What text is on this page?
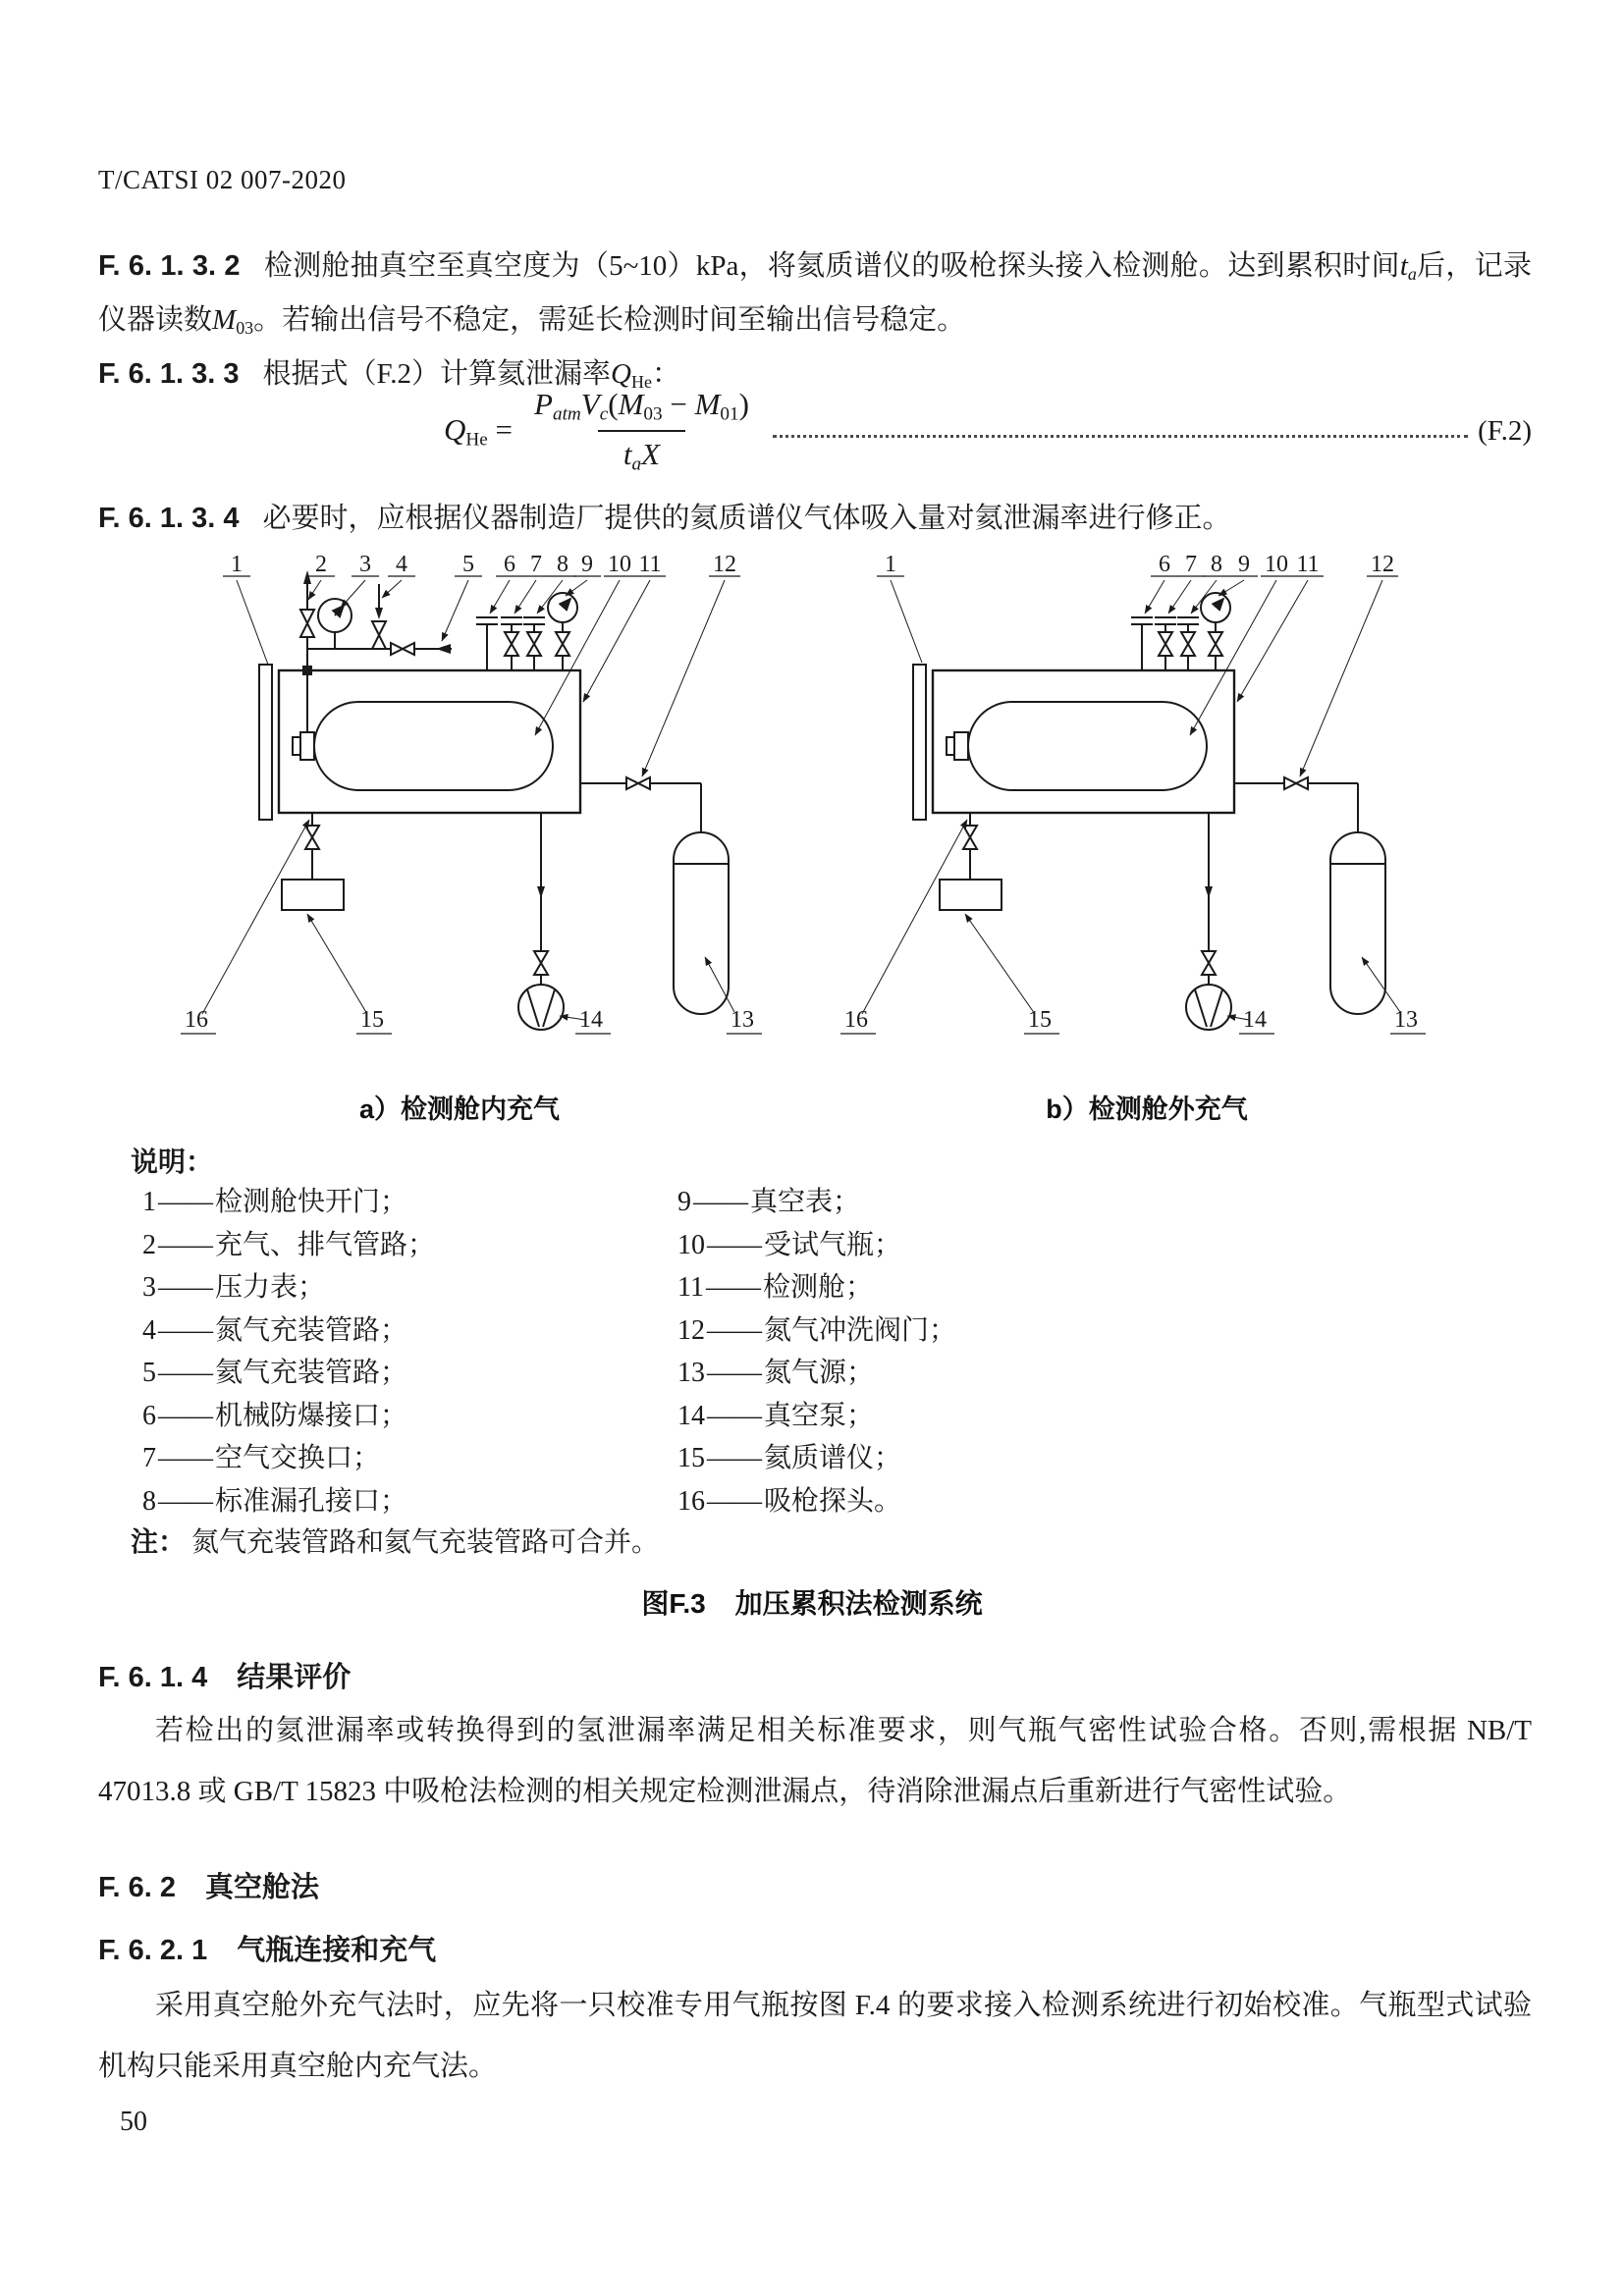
T/CATSI 02 007-2020
F. 6. 1. 3. 2 检测舱抽真空至真空度为（5~10）kPa，将氦质谱仪的吸枪探头接入检测舱。达到累积时间$t_a$后，记录仪器读数$M_{03}$。若输出信号不稳定，需延长检测时间至输出信号稳定。
F. 6. 1. 3. 3 根据式（F.2）计算氦泄漏率$Q_{He}$：
$Q_{He} = \frac{P_{atm}V_c(M_{03} - M_{01})}{t_aX}$	(F.2)
F. 6. 1. 3. 4 必要时，应根据仪器制造厂提供的氦质谱仪气体吸入量对氦泄漏率进行修正。
1	2 3 4 5 6 7 8 9 10 11 12
16	15	14	13
1	6 7 8 9 10 11 12
16	15	14	13
a）检测舱内充气	b）检测舱外充气
说明：
1——检测舱快开门；
2——充气、排气管路；
3——压力表；
4——氮气充装管路；
5——氦气充装管路；
6——机械防爆接口；
7——空气交换口；
8——标准漏孔接口；
9——真空表；
10——受试气瓶；
11——检测舱；
12——氮气冲洗阀门；
13——氮气源；
14——真空泵；
15——氦质谱仪；
16——吸枪探头。
注： 氮气充装管路和氦气充装管路可合并。
图F.3 加压累积法检测系统
F. 6. 1. 4 结果评价
若检出的氦泄漏率或转换得到的氢泄漏率满足相关标准要求，则气瓶气密性试验合格。否则,需根据 NB/T 47013.8 或 GB/T 15823 中吸枪法检测的相关规定检测泄漏点，待消除泄漏点后重新进行气密性试验。
F. 6. 2 真空舱法
F. 6. 2. 1 气瓶连接和充气
采用真空舱外充气法时，应先将一只校准专用气瓶按图 F.4 的要求接入检测系统进行初始校准。气瓶型式试验机构只能采用真空舱内充气法。
50
